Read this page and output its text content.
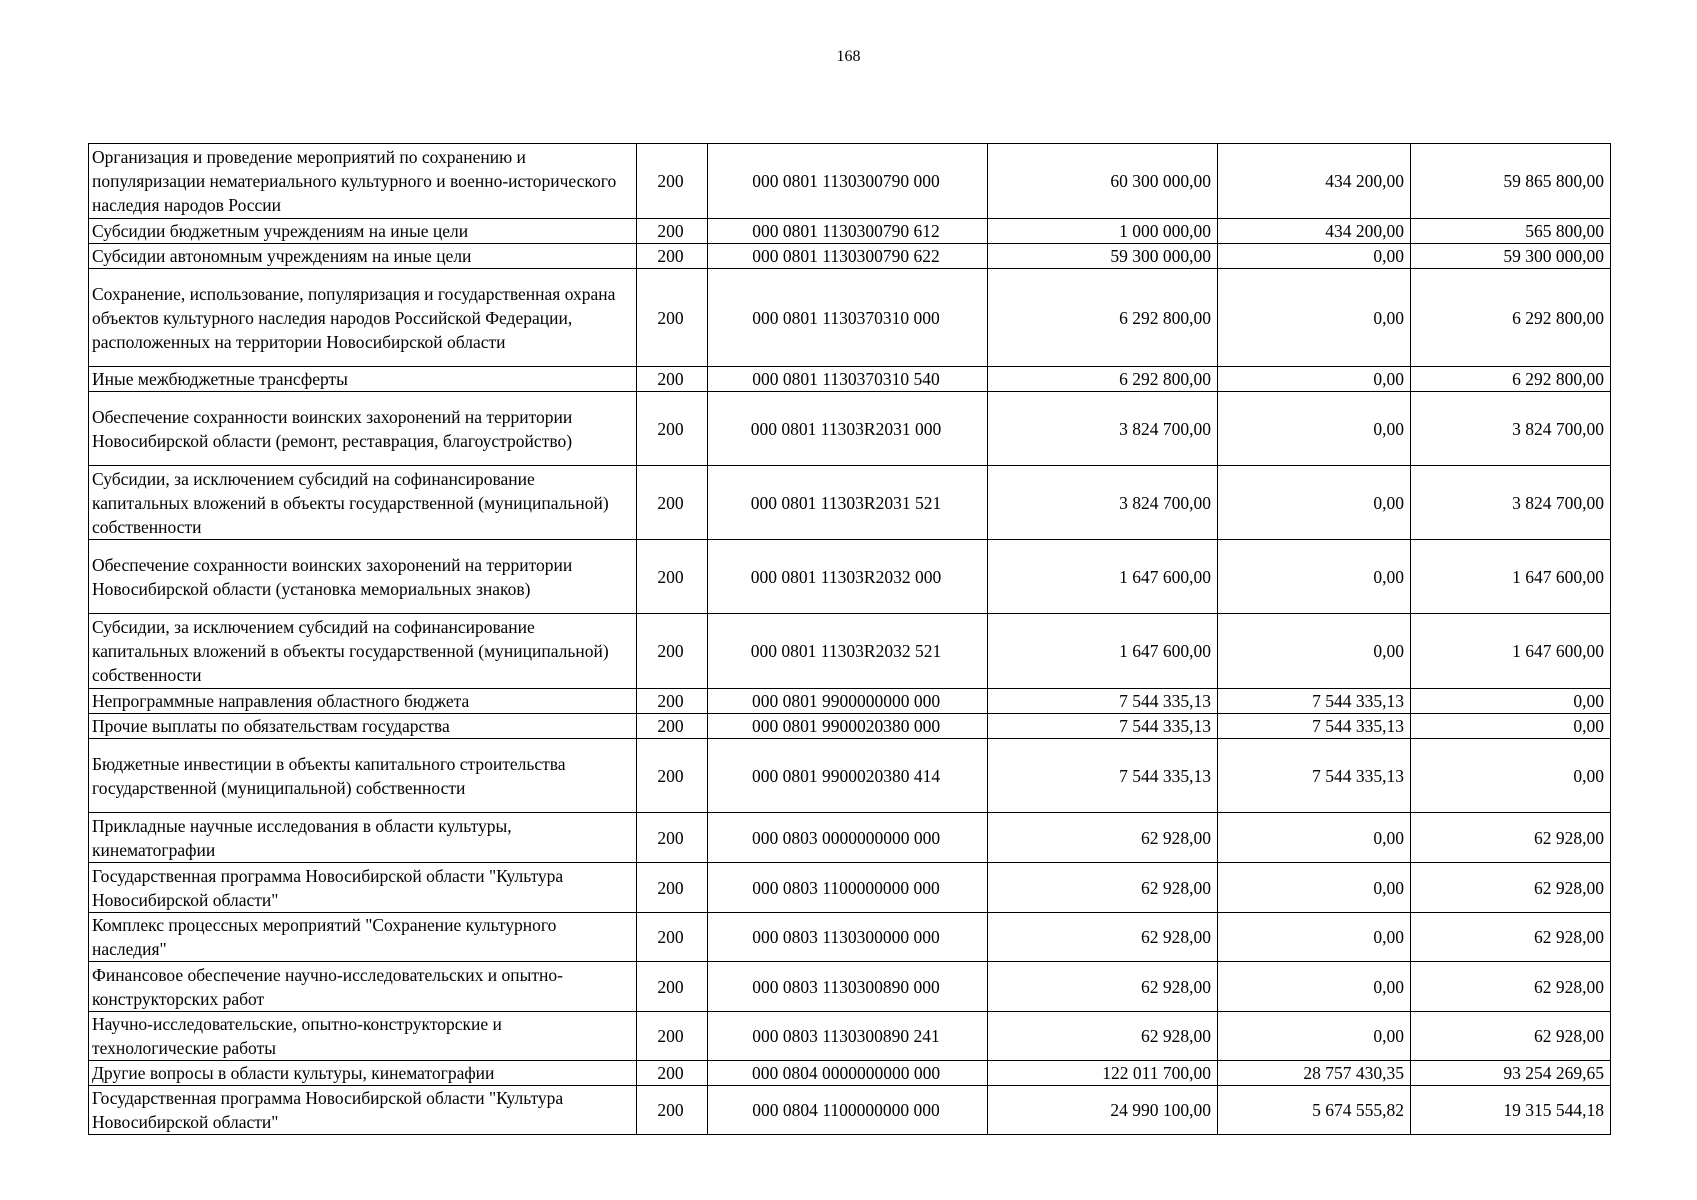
168
Организация и проведение мероприятий по сохранению и популяризации нематериального культурного и военно-исторического наследия народов России	200	000 0801 1130300790 000	60 300 000,00	434 200,00	59 865 800,00
Субсидии бюджетным учреждениям на иные цели	200	000 0801 1130300790 612	1 000 000,00	434 200,00	565 800,00
Субсидии автономным учреждениям на иные цели	200	000 0801 1130300790 622	59 300 000,00	0,00	59 300 000,00
Сохранение, использование, популяризация и государственная охрана объектов культурного наследия народов Российской Федерации, расположенных на территории Новосибирской области	200	000 0801 1130370310 000	6 292 800,00	0,00	6 292 800,00
Иные межбюджетные трансферты	200	000 0801 1130370310 540	6 292 800,00	0,00	6 292 800,00
Обеспечение сохранности воинских захоронений на территории Новосибирской области (ремонт, реставрация, благоустройство)	200	000 0801 11303R2031 000	3 824 700,00	0,00	3 824 700,00
Субсидии, за исключением субсидий на софинансирование капитальных вложений в объекты государственной (муниципальной) собственности	200	000 0801 11303R2031 521	3 824 700,00	0,00	3 824 700,00
Обеспечение сохранности воинских захоронений на территории Новосибирской области (установка мемориальных знаков)	200	000 0801 11303R2032 000	1 647 600,00	0,00	1 647 600,00
Субсидии, за исключением субсидий на софинансирование капитальных вложений в объекты государственной (муниципальной) собственности	200	000 0801 11303R2032 521	1 647 600,00	0,00	1 647 600,00
Непрограммные направления областного бюджета	200	000 0801 9900000000 000	7 544 335,13	7 544 335,13	0,00
Прочие выплаты по обязательствам государства	200	000 0801 9900020380 000	7 544 335,13	7 544 335,13	0,00
Бюджетные инвестиции в объекты капитального строительства государственной (муниципальной) собственности	200	000 0801 9900020380 414	7 544 335,13	7 544 335,13	0,00
Прикладные научные исследования в области культуры, кинематографии	200	000 0803 0000000000 000	62 928,00	0,00	62 928,00
Государственная программа Новосибирской области "Культура Новосибирской области"	200	000 0803 1100000000 000	62 928,00	0,00	62 928,00
Комплекс процессных мероприятий "Сохранение культурного наследия"	200	000 0803 1130300000 000	62 928,00	0,00	62 928,00
Финансовое обеспечение научно-исследовательских и опытно-конструкторских работ	200	000 0803 1130300890 000	62 928,00	0,00	62 928,00
Научно-исследовательские, опытно-конструкторские и технологические работы	200	000 0803 1130300890 241	62 928,00	0,00	62 928,00
Другие вопросы в области культуры, кинематографии	200	000 0804 0000000000 000	122 011 700,00	28 757 430,35	93 254 269,65
Государственная программа Новосибирской области "Культура Новосибирской области"	200	000 0804 1100000000 000	24 990 100,00	5 674 555,82	19 315 544,18
